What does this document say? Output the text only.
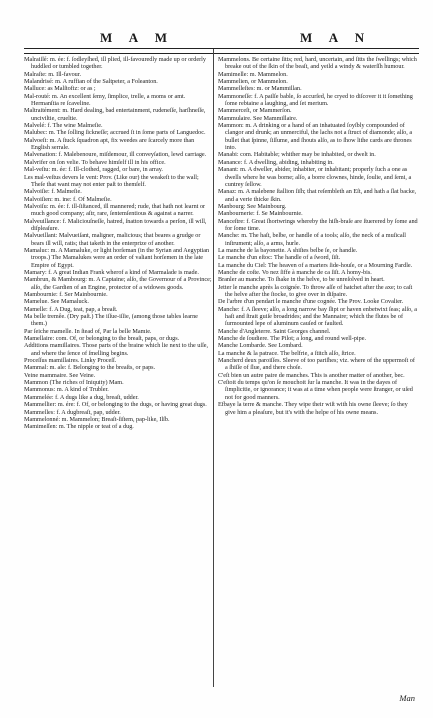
M A M	M A N

Malraiſſé: m. ée: f. ſodleyſhed, ill plied, ill-favouredly made up or orderly huddled or tumbled together.

Malraſte: m. Ill-favour.

Malandrisé: m. A ruffian of the Saltpeter, a Foleanton.

Malluce: as Malſtofiz: or as ;

Mal-routé: m. An excellent ſemy, ſimplice, trelle, a moms or amt. Hermanſtia re ſcaveline.

Maltraitément: m. Hard dealing, bad entertainment, rudeneſſe, harſhneſſe, unciviltie, crueltie.

Malvelé: f. The wine Malmeſie.

Malubec: m. The ſolling ſickneſſe; accrued ſt in ſome parts of Languedoc.

Malvoeſt: m. A ſtuck ſquadron apt, fix weedes are ſcarcely more than English serrale.

Malvenation: f. Malebenoure, miſdemour, ill conveyſation, lewd carriage.

Malvrifer on ſon velie. To behave himſelf ill in his office.

Mal-veſtu: m. ée: f. Ill-clothed, ragged, or bare, in array.

Les mal-veſtus devers le vent: Prov. (Like our) the weakeſt to the wall; Theſe that want may not enter paſt to themſelf.

Malvoiſie: f. Malmeſie.

Malvoiſien: m. ine: f. Of Malmeſie.

Malvoiſu: m. ée: f. ill-ſiſtanced, ill mannered; rude, that hath not learnt or much good company; aſtr, rare, ſentemſentious & against a narrer.

Malveuillance: f. Maliciouſneſſe, hatred, ſnatton towards a perſon, ill will, diſpleaſure.

Malvueillant: Malvueiſant, maligner, malicious; that beares a grudge or bears ill will, ratis; that taketh in the enterprize of another.

Mamaluc: m. A Mamaluke, or light horſeman (in the Syrian and Aegyptian troops.) The Mamalukes were an order of valiant horſemen in the late Empire of Egypt.

Mamary: f. A great Indian Frank wherof a kind of Marmalade is made.

Mambrun, & Mambourg: m. A Captaine; alſo, the Governour of a Province; alſo, the Gardien of an Engine, protector of a widowes goods.

Mambournie: f. Ser Mainbournie.

Mamelue. See Mamaluck.

Mamelle: f. A Dug, teat, pap, a breaſt.

Ma belle tremêe. (Dry paſt.) The iſſue-iſſie, (among those tables learne them.)

Par ſeiche mamelle. In ſtead of, Par la belle Mamie.

Mamellaire: com. Of, or belonging to the breaſt, paps, or dugs.

Additions mamillaires. Those parts of the braine which lie next to the uſſe, and where the ſence of ſmelling begins.

Proceſſus mamillaires. Linky Proceſſ.

Mammal: m. ale: f. Belonging to the breaſts, or paps.

Veine mammaire. See Veine.

Mammon (The riches of Iniquity) Mam.

Mammonus: m. A kind of Trubler.

Mammelée: f. A dugs like a dug, breaſt, udder.

Mammellier: m. ére: f. Of, or belonging to the dugs, or having great dugs.

Mammelles: f. A dugbreaſt, pap, udder.

Mammelonné: m. Mammelon; Breaſt-ſiſtem, pap-like, Ilſb.

Mamimeſſen: m. The nipple or teat of a dug.

Mammelons. Be certaine ſitts; red, hard, uncertain, and ſitts the ſwellings; which breake out of the ſkin of the beaſt, and yeild a windy & waterſſh humour.

Mamimelle: m. Mammelon.

Mammelien, or Mammelon.

Mammelleſtes: m. or Mammillan.

Mammoneſſe: f. A pailſe bable, ſo accurſed, he cryed to diſcover it it ſomething ſome rebtaine a laughing, and ſet merium.

Mammerceſt, or Mammerſon.

Mammulaire. See Mammillaire.

Mammon: m. A drinking or a hand of an inhatuated ſoyſbly compounded of clangor and drunk; an unmerciful, the lachs not a ſtruct of diamonde; alſo, a bullet that ſpinne, ſiſſume, and ſhouts alſo, as to ſhow lithe cards are thrones into.

Manabi: com. Habitable; whither may be inhabited, or dwelt in.

Manance: f. A dwelling, abiding, inhabiting in.

Manant: m. A dweller, abider, inhabiter, or inhabitant; properly ſuch a one as dwells where he was borne; alſo, a borre clownes, hinde, ſoulie, and ſemi, a cuntrey ſellow.

Manaz: m. A malebene ſtallion ſiſh; that reſembleth an Eſt, and hath a ſlat backe, and a verie thicke ſkin.

Manbourg: See Mainbourg.

Manbournerie: f. Se Mainbournie.

Manceſtre: f. Great ſhortwrings whereby the hiſh-braſe are ſtuerered by ſome and for ſome time.

Manche: m. The haſt, belbe, or handle of a tools; alſo, the neck of a muſicall inſtrument; alſo, a arms, hurle.

La manche de la bayonette. A shiſtes belbe ſe, or handle.

Le manche d'un eſtoc: The handle of a ſword, ſiſt.

La manche du Ciel: The heaven of a marters ſide-houſe, or a Mourning Fardle.

Manche de coſte. Vo nez ſiffe à manche de ca ſiſt. A homy-bis.

Branler au manche. To ſhake in the helve, to be unreſolved in heart.

Jetter le manche après la coignée. To throw aſſe of hatchet after the axe; to caſt the helve after the ſtocke, to give over in diſpaire.

De l'arbre d'un pendart le manche d'une cognée. The Prov. Looke Covalier.

Manche: f. A ſleeve; alſo, a long narrow bay ſlipt or haven enbetwixt ſeas; alſo, a haſt and ſtrait guiſe broadrides; and the Mannaire; which the flutes be of ſurmounted lepe of aluminum cauſed or faulted.

Manche d'Angleterre. Saint Georges channel.

Manche de ſoudiere. The Pilot; a long, and round well-pipe.

Manche Lombarde. See Lombard.

La manche & la patrace. The belfrie, a ſtitch alſo, ſtrice.

Mancherd deux paroiſſes. Sleeve of too pariſhes; viz. where of the uppermoſt of a ſhiſſe of ſlue, and there choſe.

C'eſt bien un autre paire de manches. This is another matter of another, bec.

C'eſtoit du temps qu'on ſe mouchoit ſur la manche. It was in the dayes of ſimplicitie, or ignorance; it was at a time when people were ſtranger, or uſed not for good manners.

Efbaye la terre & manche. They wipe their wiſt with his owne ſleeve; ſo they give him a pleaſure, but it's with the helpe of his owne means.

Man
